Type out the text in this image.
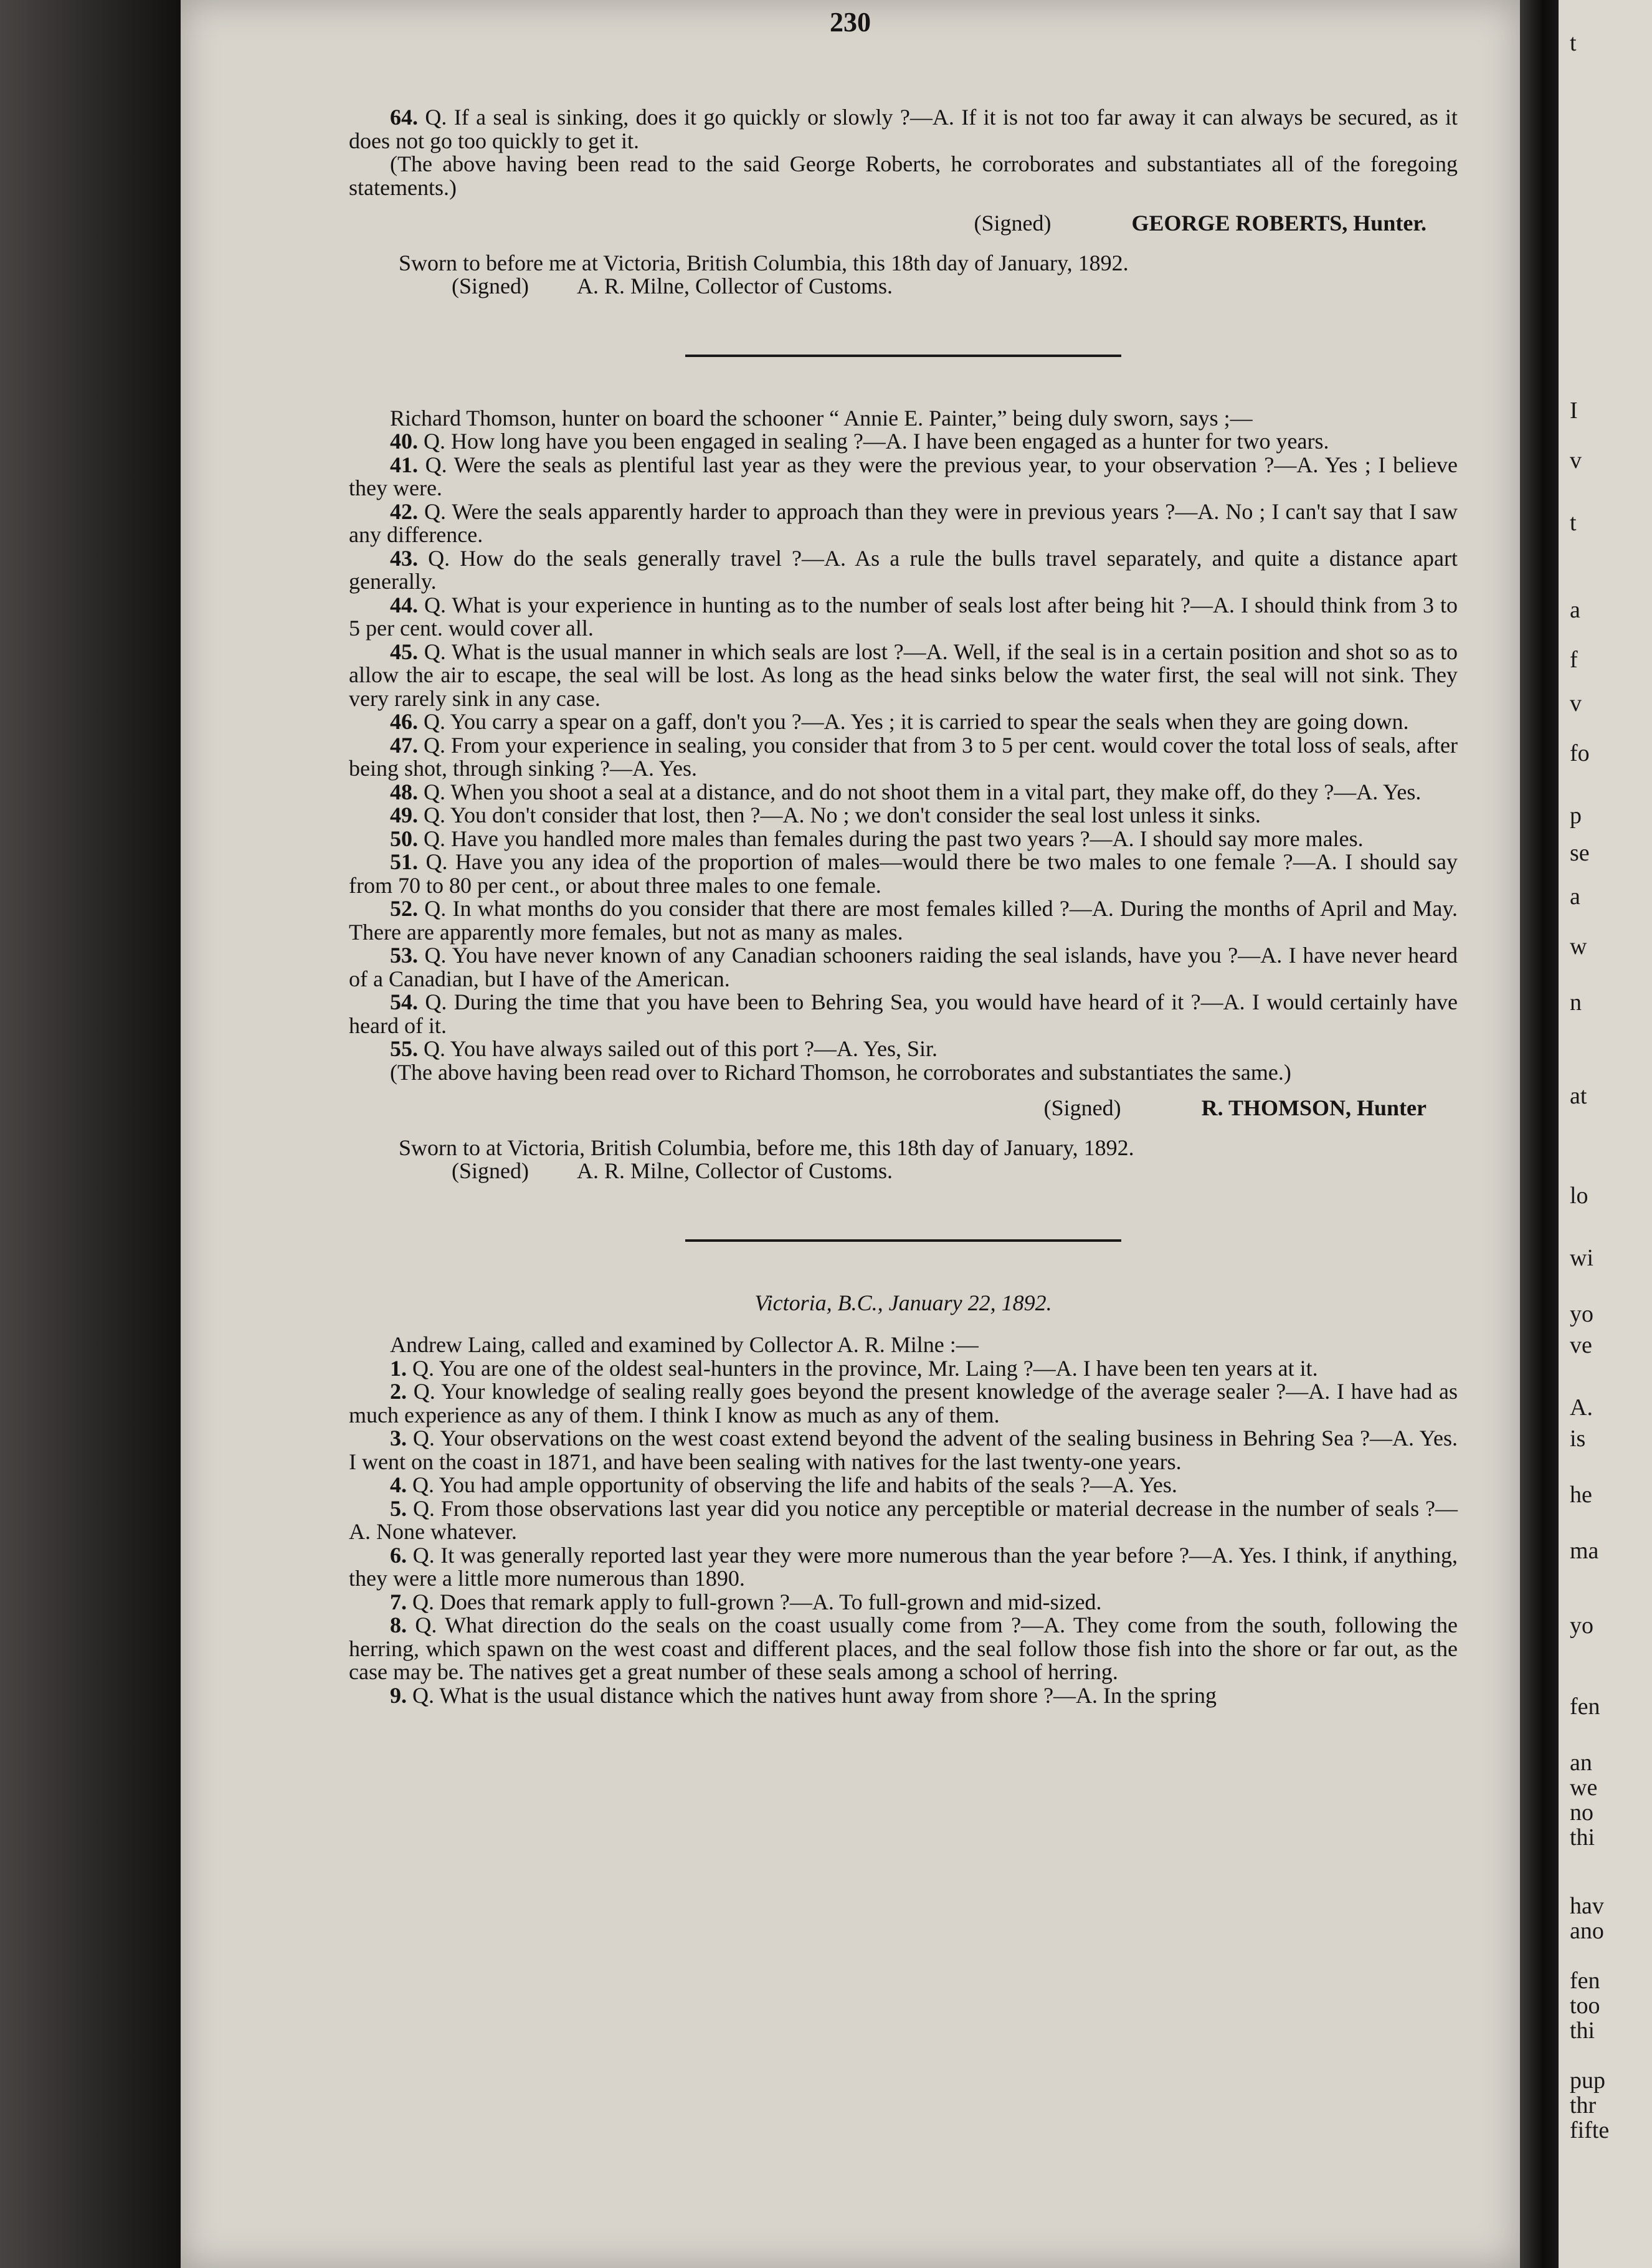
230

64. Q. If a seal is sinking, does it go quickly or slowly ?—A. If it is not too far away it can always be secured, as it does not go too quickly to get it.

(The above having been read to the said George Roberts, he corroborates and substantiates all of the foregoing statements.)

(Signed)	GEORGE ROBERTS, Hunter.

Sworn to before me at Victoria, British Columbia, this 18th day of January, 1892.

(Signed) A. R. Milne, Collector of Customs.

Richard Thomson, hunter on board the schooner “ Annie E. Painter,” being duly sworn, says ;—

40. Q. How long have you been engaged in sealing ?—A. I have been engaged as a hunter for two years.

41. Q. Were the seals as plentiful last year as they were the previous year, to your observation ?—A. Yes ; I believe they were.

42. Q. Were the seals apparently harder to approach than they were in previous years ?—A. No ; I can't say that I saw any difference.

43. Q. How do the seals generally travel ?—A. As a rule the bulls travel separately, and quite a distance apart generally.

44. Q. What is your experience in hunting as to the number of seals lost after being hit ?—A. I should think from 3 to 5 per cent. would cover all.

45. Q. What is the usual manner in which seals are lost ?—A. Well, if the seal is in a certain position and shot so as to allow the air to escape, the seal will be lost. As long as the head sinks below the water first, the seal will not sink. They very rarely sink in any case.

46. Q. You carry a spear on a gaff, don't you ?—A. Yes ; it is carried to spear the seals when they are going down.

47. Q. From your experience in sealing, you consider that from 3 to 5 per cent. would cover the total loss of seals, after being shot, through sinking ?—A. Yes.

48. Q. When you shoot a seal at a distance, and do not shoot them in a vital part, they make off, do they ?—A. Yes.

49. Q. You don't consider that lost, then ?—A. No ; we don't consider the seal lost unless it sinks.

50. Q. Have you handled more males than females during the past two years ?—A. I should say more males.

51. Q. Have you any idea of the proportion of males—would there be two males to one female ?—A. I should say from 70 to 80 per cent., or about three males to one female.

52. Q. In what months do you consider that there are most females killed ?—A. During the months of April and May. There are apparently more females, but not as many as males.

53. Q. You have never known of any Canadian schooners raiding the seal islands, have you ?—A. I have never heard of a Canadian, but I have of the American.

54. Q. During the time that you have been to Behring Sea, you would have heard of it ?—A. I would certainly have heard of it.

55. Q. You have always sailed out of this port ?—A. Yes, Sir.

(The above having been read over to Richard Thomson, he corroborates and substantiates the same.)

(Signed)	R. THOMSON, Hunter

Sworn to at Victoria, British Columbia, before me, this 18th day of January, 1892.

(Signed) A. R. Milne, Collector of Customs.

Victoria, B.C., January 22, 1892.

Andrew Laing, called and examined by Collector A. R. Milne :—

1. Q. You are one of the oldest seal-hunters in the province, Mr. Laing ?—A. I have been ten years at it.

2. Q. Your knowledge of sealing really goes beyond the present knowledge of the average sealer ?—A. I have had as much experience as any of them. I think I know as much as any of them.

3. Q. Your observations on the west coast extend beyond the advent of the sealing business in Behring Sea ?—A. Yes. I went on the coast in 1871, and have been sealing with natives for the last twenty-one years.

4. Q. You had ample opportunity of observing the life and habits of the seals ?—A. Yes.

5. Q. From those observations last year did you notice any perceptible or material decrease in the number of seals ?—A. None whatever.

6. Q. It was generally reported last year they were more numerous than the year before ?—A. Yes. I think, if anything, they were a little more numerous than 1890.

7. Q. Does that remark apply to full-grown ?—A. To full-grown and mid-sized.

8. Q. What direction do the seals on the coast usually come from ?—A. They come from the south, following the herring, which spawn on the west coast and different places, and the seal follow those fish into the shore or far out, as the case may be. The natives get a great number of these seals among a school of herring.

9. Q. What is the usual distance which the natives hunt away from shore ?—A. In the spring

t
I
v
t
a
f
v
fo
p
se
a
w
n
at
lo
wi
yo
ve
A.
is
he
ma
yo
fen
an
we
no
thi
hav
ano
fen
too
thi
pup
thr
fifte
